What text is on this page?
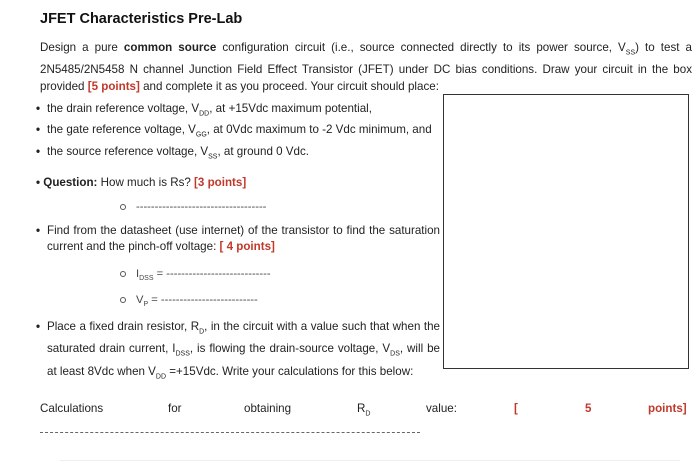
JFET Characteristics Pre-Lab
Design a pure common source configuration circuit (i.e., source connected directly to its power source, $V_{SS}$) to test a 2N5485/2N5458 N channel Junction Field Effect Transistor (JFET) under DC bias conditions. Draw your circuit in the box provided [5 points] and complete it as you proceed. Your circuit should place:
• the drain reference voltage, $V_{DD}$, at +15Vdc maximum potential,
• the gate reference voltage, $V_{GG}$, at 0Vdc maximum to -2 Vdc minimum, and
• the source reference voltage, $V_{SS}$, at ground 0 Vdc.
• Question: How much is Rs? [3 points]
-----------------------------------
• Find from the datasheet (use internet) of the transistor to find the saturation current and the pinch-off voltage: [ 4 points]
$I_{DSS}$ = ----------------------------
$V_P$ = --------------------------
• Place a fixed drain resistor, $R_D$, in the circuit with a value such that when the saturated drain current, $I_{DSS}$, is flowing the drain-source voltage, $V_{DS}$, will be at least 8Vdc when $V_{DD} =+15Vdc$. Write your calculations for this below:
Calculations	for	obtaining	$R_D$	value:	[	5	points]
